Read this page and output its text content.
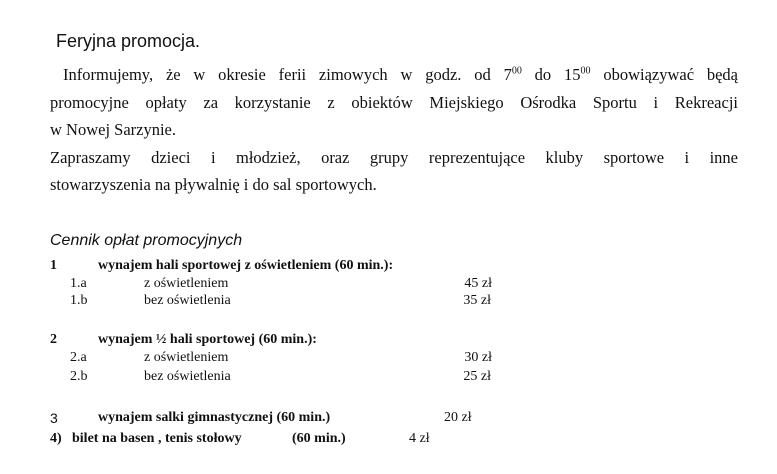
Feryjna promocja.
Informujemy, że w okresie ferii zimowych w godz. od $7^{00}$ do $15^{00}$ obowiązywać będą
promocyjne opłaty za korzystanie z obiektów Miejskiego Ośrodka Sportu i Rekreacji
w Nowej Sarzynie.
Zapraszamy dzieci i młodzież, oraz grupy reprezentujące kluby sportowe i inne
stowarzyszenia na pływalnię i do sal sportowych.
Cennik opłat promocyjnych
1	wynajem hali sportowej z oświetleniem (60 min.):
1.a	z oświetleniem	45 zł
1.b	bez oświetlenia	35 zł
2	wynajem ½ hali sportowej (60 min.):
2.a	z oświetleniem	30 zł
2.b	bez oświetlenia	25 zł
3	wynajem salki gimnastycznej (60 min.)	20 zł
4) bilet na basen , tenis stołowy	(60 min.)	4 zł
